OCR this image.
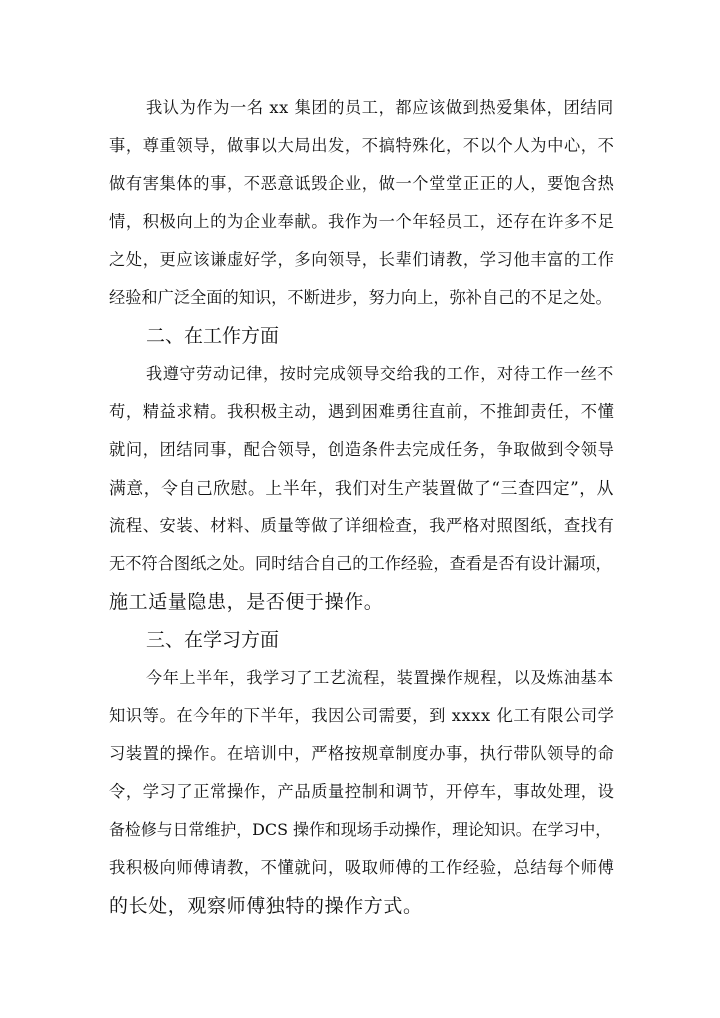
我认为作为一名 xx 集团的员工，都应该做到热爱集体，团结同
事，尊重领导，做事以大局出发，不搞特殊化，不以个人为中心，不
做有害集体的事，不恶意诋毁企业，做一个堂堂正正的人，要饱含热
情，积极向上的为企业奉献。我作为一个年轻员工，还存在许多不足
之处，更应该谦虚好学，多向领导，长辈们请教，学习他丰富的工作
经验和广泛全面的知识，不断进步，努力向上，弥补自己的不足之处。
二、在工作方面
我遵守劳动记律，按时完成领导交给我的工作，对待工作一丝不
苟，精益求精。我积极主动，遇到困难勇往直前，不推卸责任，不懂
就问，团结同事，配合领导，创造条件去完成任务，争取做到令领导
满意，令自己欣慰。上半年，我们对生产装置做了“三查四定”，从
流程、安装、材料、质量等做了详细检查，我严格对照图纸，查找有
无不符合图纸之处。同时结合自己的工作经验，查看是否有设计漏项，
施工适量隐患，是否便于操作。
三、在学习方面
今年上半年，我学习了工艺流程，装置操作规程，以及炼油基本
知识等。在今年的下半年，我因公司需要，到 xxxx 化工有限公司学
习装置的操作。在培训中，严格按规章制度办事，执行带队领导的命
令，学习了正常操作，产品质量控制和调节，开停车，事故处理，设
备检修与日常维护，DCS 操作和现场手动操作，理论知识。在学习中，
我积极向师傅请教，不懂就问，吸取师傅的工作经验，总结每个师傅
的长处，观察师傅独特的操作方式。
